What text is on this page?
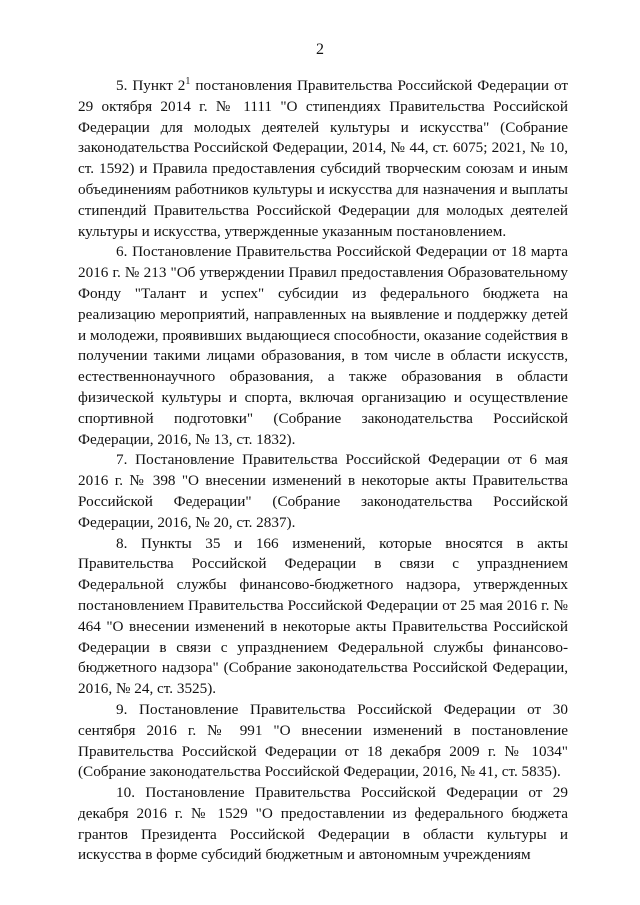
2

5. Пункт $2^1$ постановления Правительства Российской Федерации от 29 октября 2014 г. № 1111 "О стипендиях Правительства Российской Федерации для молодых деятелей культуры и искусства" (Собрание законодательства Российской Федерации, 2014, № 44, ст. 6075; 2021, № 10, ст. 1592) и Правила предоставления субсидий творческим союзам и иным объединениям работников культуры и искусства для назначения и выплаты стипендий Правительства Российской Федерации для молодых деятелей культуры и искусства, утвержденные указанным постановлением.

6. Постановление Правительства Российской Федерации от 18 марта 2016 г. № 213 "Об утверждении Правил предоставления Образовательному Фонду "Талант и успех" субсидии из федерального бюджета на реализацию мероприятий, направленных на выявление и поддержку детей и молодежи, проявивших выдающиеся способности, оказание содействия в получении такими лицами образования, в том числе в области искусств, естественнонаучного образования, а также образования в области физической культуры и спорта, включая организацию и осуществление спортивной подготовки" (Собрание законодательства Российской Федерации, 2016, № 13, ст. 1832).

7. Постановление Правительства Российской Федерации от 6 мая 2016 г. № 398 "О внесении изменений в некоторые акты Правительства Российской Федерации" (Собрание законодательства Российской Федерации, 2016, № 20, ст. 2837).

8. Пункты 35 и 166 изменений, которые вносятся в акты Правительства Российской Федерации в связи с упразднением Федеральной службы финансово-бюджетного надзора, утвержденных постановлением Правительства Российской Федерации от 25 мая 2016 г. № 464 "О внесении изменений в некоторые акты Правительства Российской Федерации в связи с упразднением Федеральной службы финансово-бюджетного надзора" (Собрание законодательства Российской Федерации, 2016, № 24, ст. 3525).

9. Постановление Правительства Российской Федерации от 30 сентября 2016 г. № 991 "О внесении изменений в постановление Правительства Российской Федерации от 18 декабря 2009 г. № 1034" (Собрание законодательства Российской Федерации, 2016, № 41, ст. 5835).

10. Постановление Правительства Российской Федерации от 29 декабря 2016 г. № 1529 "О предоставлении из федерального бюджета грантов Президента Российской Федерации в области культуры и искусства в форме субсидий бюджетным и автономным учреждениям
